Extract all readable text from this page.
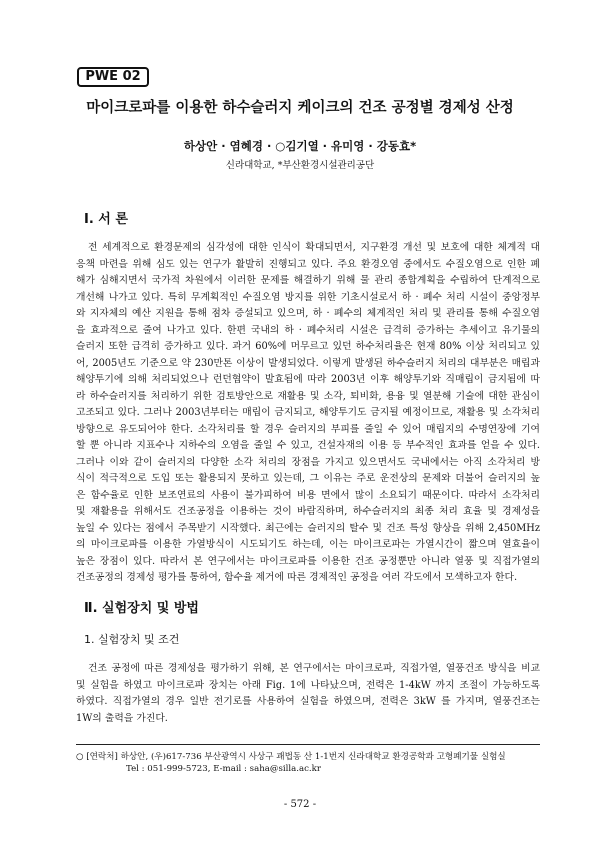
PWE 02
마이크로파를 이용한 하수슬러지 케이크의 건조 공정별 경제성 산정
하상안 · 염혜경 · ○김기열 · 유미영 · 강동효*
신라대학교, *부산환경시설관리공단
Ⅰ. 서 론
전 세계적으로 환경문제의 심각성에 대한 인식이 확대되면서, 지구환경 개선 및 보호에 대한 체계적 대
응책 마련을 위해 심도 있는 연구가 활발히 진행되고 있다. 주요 환경오염 중에서도 수질오염으로 인한 폐
해가 심해지면서 국가적 차원에서 이러한 문제를 해결하기 위해 물 관리 종합계획을 수립하여 단계적으로
개선해 나가고 있다. 특히 무계획적인 수질오염 방지를 위한 기초시설로서 하 · 폐수 처리 시설이 중앙정부
와 지자체의 예산 지원을 통해 점차 증설되고 있으며, 하 · 폐수의 체계적인 처리 및 관리를 통해 수질오염
을 효과적으로 줄여 나가고 있다. 한편 국내의 하 · 폐수처리 시설은 급격히 증가하는 추세이고 유기물의
슬러지 또한 급격히 증가하고 있다. 과거 60%에 머무르고 있던 하수처리율은 현재 80% 이상 처리되고 있
어, 2005년도 기준으로 약 230만톤 이상이 발생되었다. 이렇게 발생된 하수슬러지 처리의 대부분은 매립과
해양투기에 의해 처리되었으나 런던협약이 발효됨에 따라 2003년 이후 해양투기와 직매립이 금지됨에 따
라 하수슬러지를 처리하기 위한 검토방안으로 재활용 및 소각, 퇴비화, 용융 및 열분해 기술에 대한 관심이
고조되고 있다. 그러나 2003년부터는 매립이 금지되고, 해양투기도 금지될 예정이므로, 재활용 및 소각처리
방향으로 유도되어야 한다. 소각처리를 할 경우 슬러지의 부피를 줄일 수 있어 매립지의 수명연장에 기여
할 뿐 아니라 지표수나 지하수의 오염을 줄일 수 있고, 건설자재의 이용 등 부수적인 효과를 얻을 수 있다.
그러나 이와 같이 슬러지의 다양한 소각 처리의 장점을 가지고 있으면서도 국내에서는 아직 소각처리 방
식이 적극적으로 도입 또는 활용되지 못하고 있는데, 그 이유는 주로 운전상의 문제와 더불어 슬러지의 높
은 함수율로 인한 보조연료의 사용이 불가피하여 비용 면에서 많이 소요되기 때문이다. 따라서 소각처리
및 재활용을 위해서도 건조공정을 이용하는 것이 바람직하며, 하수슬러지의 최종 처리 효율 및 경제성을
높일 수 있다는 점에서 주목받기 시작했다. 최근에는 슬러지의 탈수 및 건조 특성 향상을 위해 2,450MHz
의 마이크로파를 이용한 가열방식이 시도되기도 하는데, 이는 마이크로파는 가열시간이 짧으며 열효율이
높은 장점이 있다. 따라서 본 연구에서는 마이크로파를 이용한 건조 공정뿐만 아니라 열풍 및 직접가열의
건조공정의 경제성 평가를 통하여, 함수율 제거에 따른 경제적인 공정을 여러 각도에서 모색하고자 한다.
Ⅱ. 실험장치 및 방법
1. 실험장치 및 조건
건조 공정에 따른 경제성을 평가하기 위해, 본 연구에서는 마이크로파, 직접가열, 열풍건조 방식을 비교
및 실험을 하였고 마이크로파 장치는 아래 Fig. 1에 나타났으며, 전력은 1-4kW 까지 조절이 가능하도록
하였다. 직접가열의 경우 일반 전기로를 사용하여 실험을 하였으며, 전력은 3kW 를 가지며, 열풍건조는
1W의 출력을 가진다.
○ [연락처] 하상안, (우)617-736 부산광역시 사상구 괘법동 산 1-1번지 신라대학교 환경공학과 고형폐기물 실험실
Tel : 051-999-5723, E-mail : saha@silla.ac.kr
- 572 -
